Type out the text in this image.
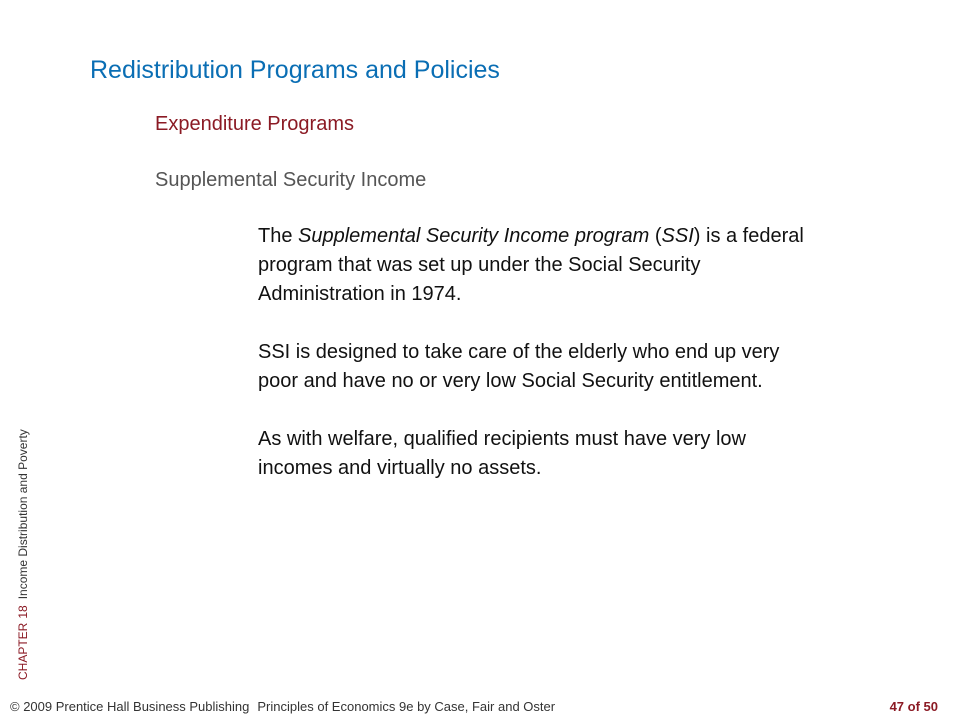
Redistribution Programs and Policies
Expenditure Programs
Supplemental Security Income

The Supplemental Security Income program (SSI) is a federal program that was set up under the Social Security Administration in 1974.

SSI is designed to take care of the elderly who end up very poor and have no or very low Social Security entitlement.

As with welfare, qualified recipients must have very low incomes and virtually no assets.

CHAPTER18Income Distribution and Poverty
© 2009 Prentice Hall Business Publishing Principles of Economics 9e by Case, Fair and Oster	47 of 50
